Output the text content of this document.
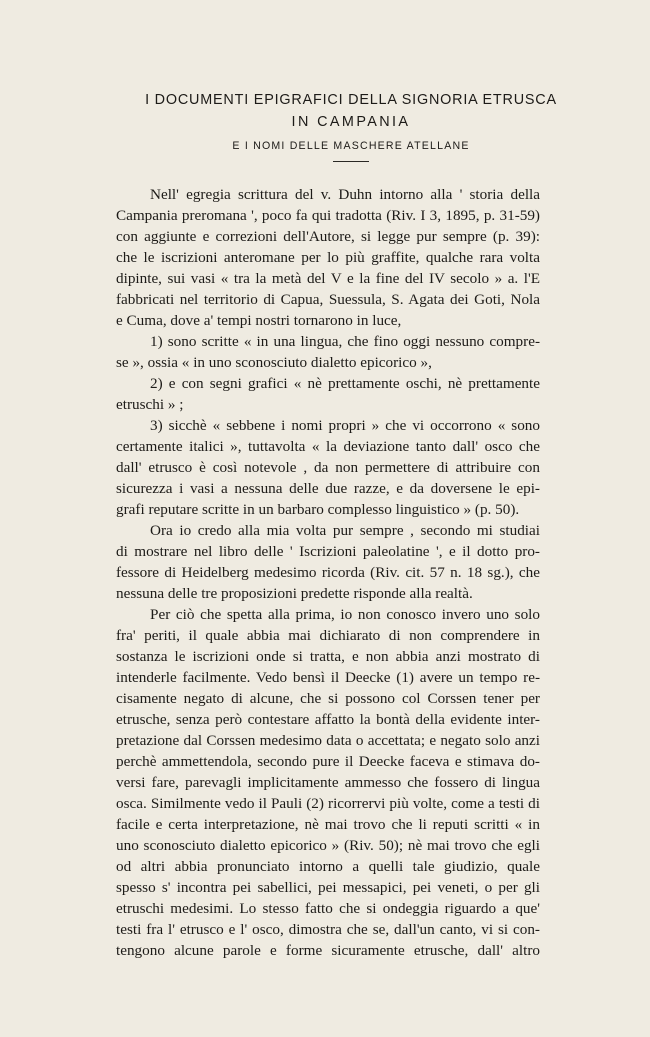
I DOCUMENTI EPIGRAFICI DELLA SIGNORIA ETRUSCA
IN CAMPANIA
E I NOMI DELLE MASCHERE ATELLANE
Nell' egregia scrittura del v. Duhn intorno alla ' storia della
Campania preromana ', poco fa qui tradotta (Riv. I 3, 1895, p. 31-59)
con aggiunte e correzioni dell'Autore, si legge pur sempre (p. 39):
che le iscrizioni anteromane per lo più graffite, qualche rara volta
dipinte, sui vasi « tra la metà del V e la fine del IV secolo » a. l'E
fabbricati nel territorio di Capua, Suessula, S. Agata dei Goti, Nola
e Cuma, dove a' tempi nostri tornarono in luce,
1) sono scritte « in una lingua, che fino oggi nessuno compre-
se », ossia « in uno sconosciuto dialetto epicorico »,
2) e con segni grafici « nè prettamente oschi, nè prettamente
etruschi » ;
3) sicchè « sebbene i nomi propri » che vi occorrono « sono
certamente italici », tuttavolta « la deviazione tanto dall' osco che
dall' etrusco è così notevole , da non permettere di attribuire con
sicurezza i vasi a nessuna delle due razze, e da doversene le epi-
grafi reputare scritte in un barbaro complesso linguistico » (p. 50).
Ora io credo alla mia volta pur sempre , secondo mi studiai
di mostrare nel libro delle ' Iscrizioni paleolatine ', e il dotto pro-
fessore di Heidelberg medesimo ricorda (Riv. cit. 57 n. 18 sg.), che
nessuna delle tre proposizioni predette risponde alla realtà.
Per ciò che spetta alla prima, io non conosco invero uno solo
fra' periti, il quale abbia mai dichiarato di non comprendere in
sostanza le iscrizioni onde si tratta, e non abbia anzi mostrato di
intenderle facilmente. Vedo bensì il Deecke (1) avere un tempo re-
cisamente negato di alcune, che si possono col Corssen tener per
etrusche, senza però contestare affatto la bontà della evidente inter-
pretazione dal Corssen medesimo data o accettata; e negato solo anzi
perchè ammettendola, secondo pure il Deecke faceva e stimava do-
versi fare, parevagli implicitamente ammesso che fossero di lingua
osca. Similmente vedo il Pauli (2) ricorrervi più volte, come a testi di
facile e certa interpretazione, nè mai trovo che li reputi scritti « in
uno sconosciuto dialetto epicorico » (Riv. 50); nè mai trovo che egli
od altri abbia pronunciato intorno a quelli tale giudizio, quale
spesso s' incontra pei sabellici, pei messapici, pei veneti, o per gli
etruschi medesimi. Lo stesso fatto che si ondeggia riguardo a que'
testi fra l' etrusco e l' osco, dimostra che se, dall'un canto, vi si con-
tengono alcune parole e forme sicuramente etrusche, dall' altro
